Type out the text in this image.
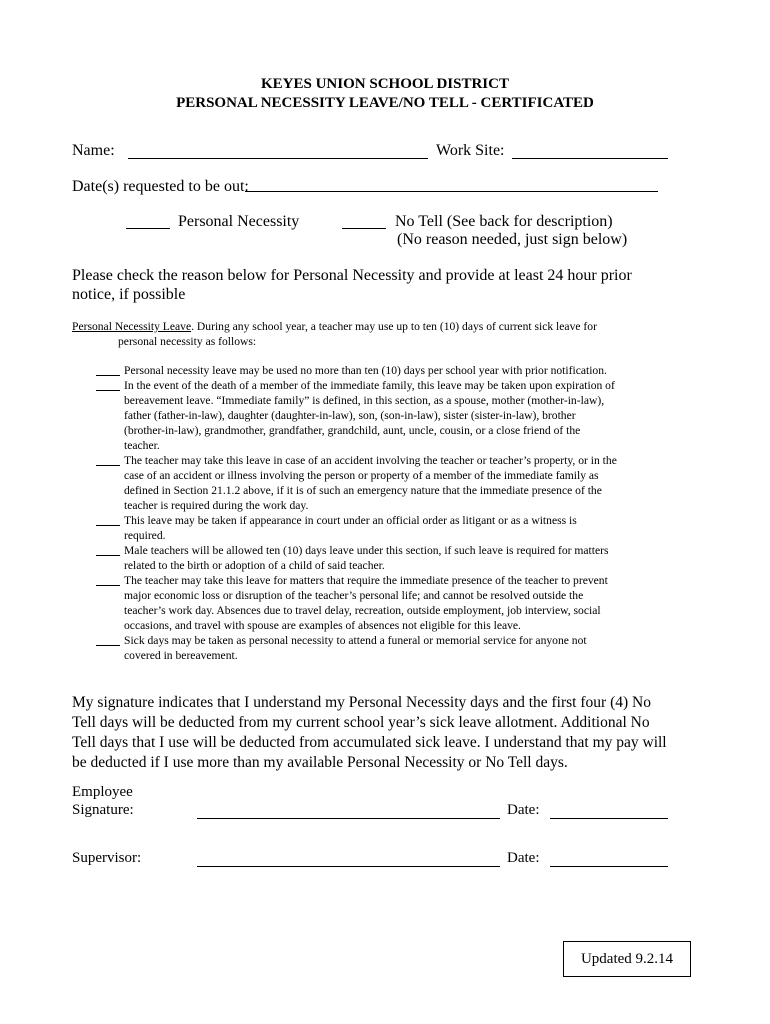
KEYES UNION SCHOOL DISTRICT
PERSONAL NECESSITY LEAVE/NO TELL - CERTIFICATED
Name:	Work Site:
Date(s) requested to be out:
Personal Necessity	No Tell (See back for description)
(No reason needed, just sign below)
Please check the reason below for Personal Necessity and provide at least 24 hour prior notice, if possible
Personal Necessity Leave. During any school year, a teacher may use up to ten (10) days of current sick leave for
personal necessity as follows:
Personal necessity leave may be used no more than ten (10) days per school year with prior notification.
In the event of the death of a member of the immediate family, this leave may be taken upon expiration of
bereavement leave. “Immediate family” is defined, in this section, as a spouse, mother (mother-in-law),
father (father-in-law), daughter (daughter-in-law), son, (son-in-law), sister (sister-in-law), brother
(brother-in-law), grandmother, grandfather, grandchild, aunt, uncle, cousin, or a close friend of the
teacher.
The teacher may take this leave in case of an accident involving the teacher or teacher’s property, or in the
case of an accident or illness involving the person or property of a member of the immediate family as
defined in Section 21.1.2 above, if it is of such an emergency nature that the immediate presence of the
teacher is required during the work day.
This leave may be taken if appearance in court under an official order as litigant or as a witness is
required.
Male teachers will be allowed ten (10) days leave under this section, if such leave is required for matters
related to the birth or adoption of a child of said teacher.
The teacher may take this leave for matters that require the immediate presence of the teacher to prevent
major economic loss or disruption of the teacher’s personal life; and cannot be resolved outside the
teacher’s work day. Absences due to travel delay, recreation, outside employment, job interview, social
occasions, and travel with spouse are examples of absences not eligible for this leave.
Sick days may be taken as personal necessity to attend a funeral or memorial service for anyone not
covered in bereavement.
My signature indicates that I understand my Personal Necessity days and the first four (4) No
Tell days will be deducted from my current school year’s sick leave allotment. Additional No
Tell days that I use will be deducted from accumulated sick leave. I understand that my pay will
be deducted if I use more than my available Personal Necessity or No Tell days.
Employee
Signature:	Date:
Supervisor:	Date:
Updated 9.2.14
